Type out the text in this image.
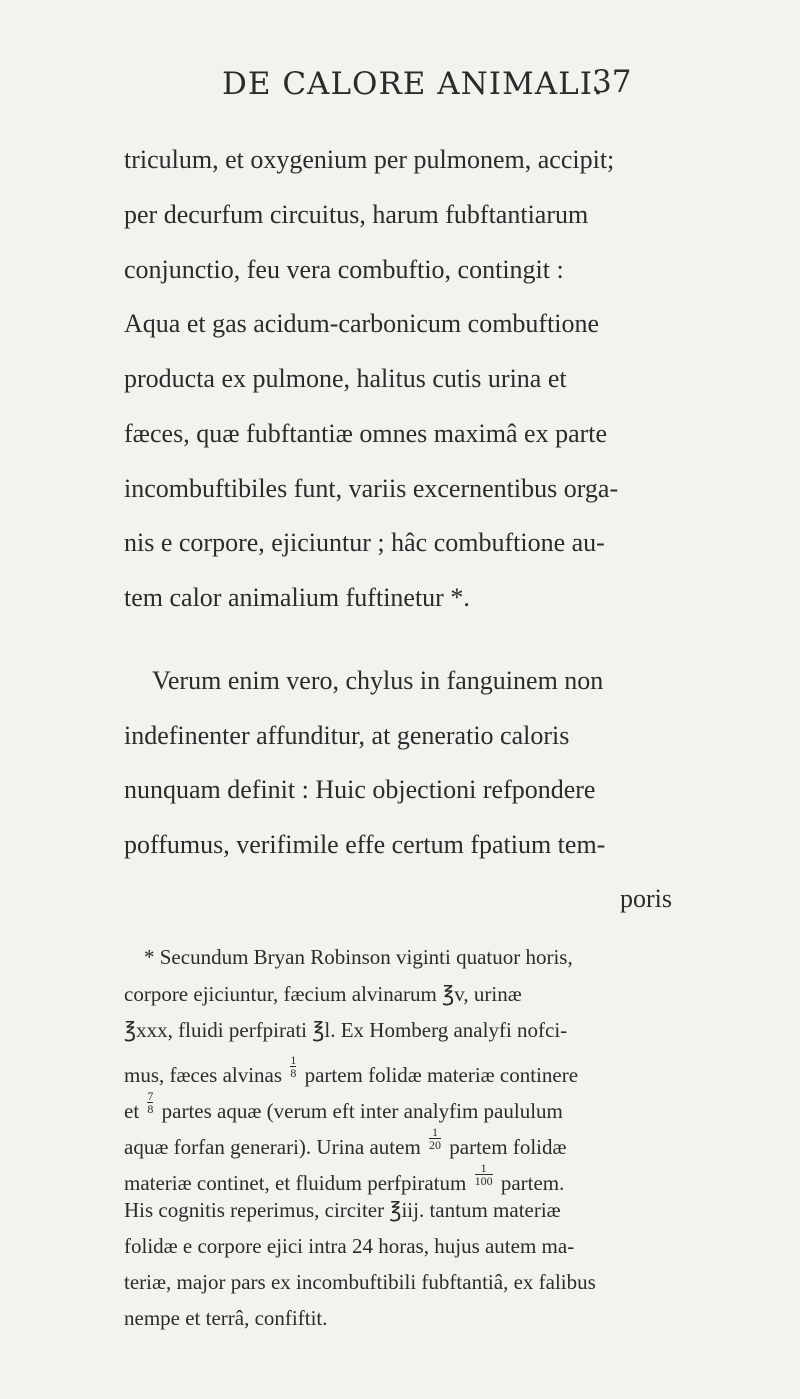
DE CALORE ANIMALI.
37
triculum, et oxygenium per pulmonem, accipit;
per decurfum circuitus, harum fubftantiarum
conjunctio, feu vera combuftio, contingit :
Aqua et gas acidum-carbonicum combuftione
producta ex pulmone, halitus cutis urina et
fæces, quæ fubftantiæ omnes maximâ ex parte
incombuftibiles funt, variis excernentibus orga-
nis e corpore, ejiciuntur ; hâc combuftione au-
tem calor animalium fuftinetur *.
Verum enim vero, chylus in fanguinem non
indefinenter affunditur, at generatio caloris
nunquam definit : Huic objectioni refpondere
poffumus, verifimile effe certum fpatium tem-
poris
* Secundum Bryan Robinson viginti quatuor horis,
corpore ejiciuntur, fæcium alvinarum ℥v, urinæ
℥xxx, fluidi perfpirati ℥l. Ex Homberg analyfi nofci-
mus, fæces alvinas $\frac{1}{8}$ partem folidæ materiæ continere
et $\frac{7}{8}$ partes aquæ (verum eft inter analyfim paululum
aquæ forfan generari). Urina autem $\frac{1}{20}$ partem folidæ
materiæ continet, et fluidum perfpiratum $\frac{1}{100}$ partem.
His cognitis reperimus, circiter ℥iij. tantum materiæ
folidæ e corpore ejici intra 24 horas, hujus autem ma-
teriæ, major pars ex incombuftibili fubftantiâ, ex falibus
nempe et terrâ, confiftit.
